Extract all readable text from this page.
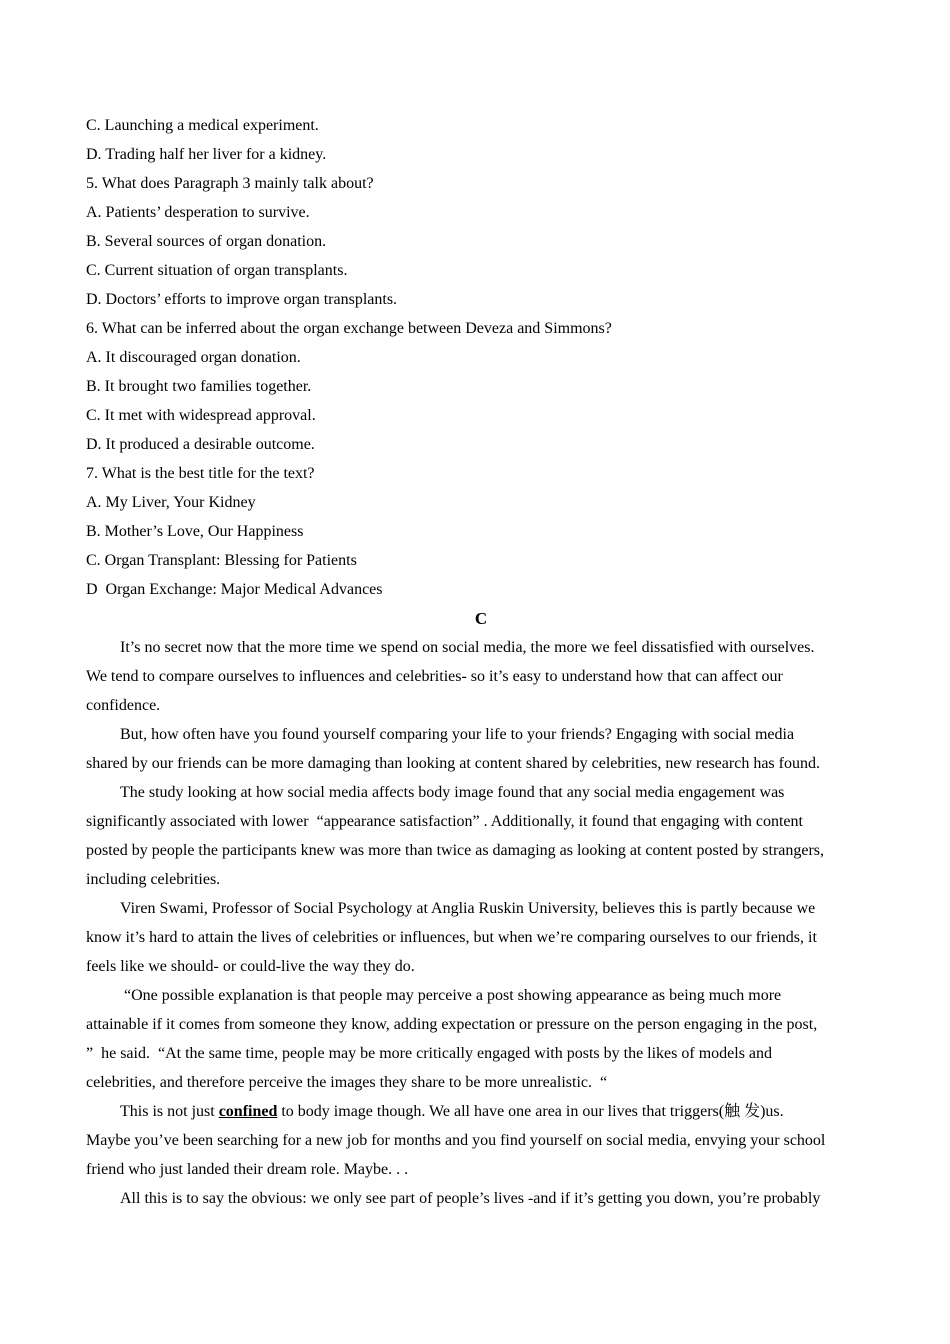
C. Launching a medical experiment.
D. Trading half her liver for a kidney.
5. What does Paragraph 3 mainly talk about?
A. Patients’ desperation to survive.
B. Several sources of organ donation.
C. Current situation of organ transplants.
D. Doctors’ efforts to improve organ transplants.
6. What can be inferred about the organ exchange between Deveza and Simmons?
A. It discouraged organ donation.
B. It brought two families together.
C. It met with widespread approval.
D. It produced a desirable outcome.
7. What is the best title for the text?
A. My Liver, Your Kidney
B. Mother’s Love, Our Happiness
C. Organ Transplant: Blessing for Patients
D  Organ Exchange: Major Medical Advances
C
It’s no secret now that the more time we spend on social media, the more we feel dissatisfied with ourselves.
We tend to compare ourselves to influences and celebrities- so it’s easy to understand how that can affect our
confidence.
But, how often have you found yourself comparing your life to your friends? Engaging with social media
shared by our friends can be more damaging than looking at content shared by celebrities, new research has found.
The study looking at how social media affects body image found that any social media engagement was
significantly associated with lower  “appearance satisfaction” . Additionally, it found that engaging with content
posted by people the participants knew was more than twice as damaging as looking at content posted by strangers,
including celebrities.
Viren Swami, Professor of Social Psychology at Anglia Ruskin University, believes this is partly because we
know it’s hard to attain the lives of celebrities or influences, but when we’re comparing ourselves to our friends, it
feels like we should- or could-live the way they do.
“One possible explanation is that people may perceive a post showing appearance as being much more
attainable if it comes from someone they know, adding expectation or pressure on the person engaging in the post,
”  he said.  “At the same time, people may be more critically engaged with posts by the likes of models and
celebrities, and therefore perceive the images they share to be more unrealistic.  “
This is not just confined to body image though. We all have one area in our lives that triggers(触 发)us.
Maybe you’ve been searching for a new job for months and you find yourself on social media, envying your school
friend who just landed their dream role. Maybe. . .
All this is to say the obvious: we only see part of people’s lives -and if it’s getting you down, you’re probably
